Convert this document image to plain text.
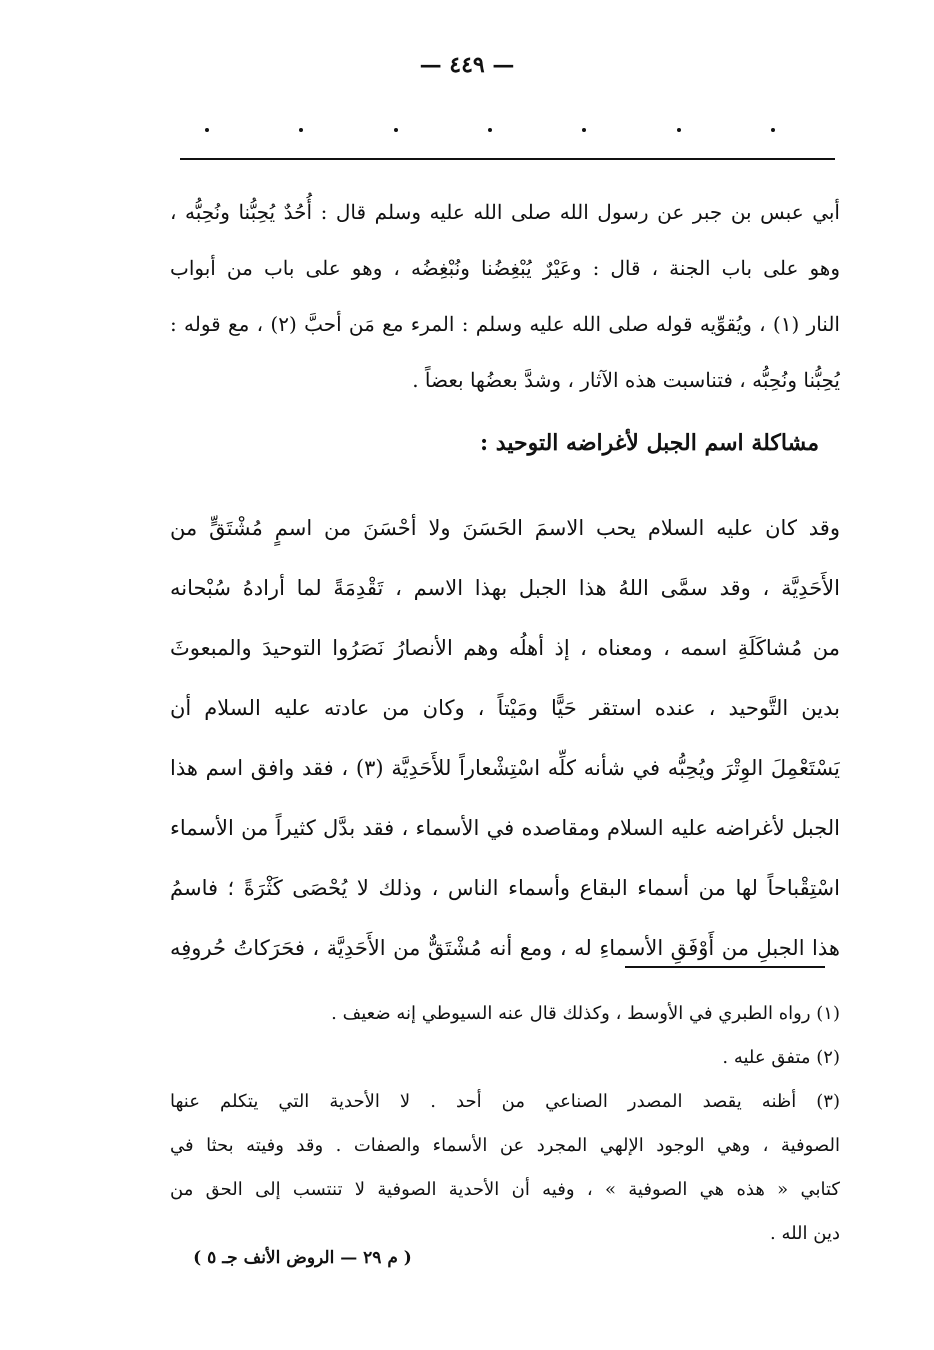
— ٤٤٩ —
أبي عبس بن جبر عن رسول الله صلى الله عليه وسلم قال : أُحُدٌ يُحِبُّنا ونُحِبُّه ،
وهو على باب الجنة ، قال : وعَيْرٌ يُبْغِضُنا ونُبْغِضُه ، وهو على باب من أبواب
النار (١) ، ويُقوِّيه قوله صلى الله عليه وسلم : المرء مع مَن أحبَّ (٢) ، مع قوله :
يُحِبُّنا ونُحِبُّه ، فتناسبت هذه الآثار ، وشدَّ بعضُها بعضاً .
مشاكلة اسم الجبل لأغراضه التوحيد :
وقد كان عليه السلام يحب الاسمَ الحَسَنَ ولا أحْسَنَ من اسمٍ مُشْتَقٍّ من
الأَحَدِيَّة ، وقد سمَّى اللهُ هذا الجبل بهذا الاسم ، تَقْدِمَةً لما أرادهُ سُبْحانه
من مُشاكَلَةِ اسمه ، ومعناه ، إذ أهلُه وهم الأنصارُ نَصَرُوا التوحيدَ والمبعوثَ
بدين التَّوحيد ، عنده استقر حَيًّا ومَيْتاً ، وكان من عادته عليه السلام أن
يَسْتَعْمِلَ الوِتْرَ ويُحِبُّه في شأنه كلِّه اسْتِشْعاراً للأَحَدِيَّة (٣) ، فقد وافق اسم هذا
الجبل لأغراضه عليه السلام ومقاصده في الأسماء ، فقد بدَّل كثيراً من الأسماء
اسْتِقْباحاً لها من أسماء البقاع وأسماء الناس ، وذلك لا يُحْصَى كَثْرَةً ؛ فاسمُ
هذا الجبلِ من أَوْفَقِ الأسماءِ له ، ومع أنه مُشْتَقٌّ من الأَحَدِيَّة ، فحَرَكاتُ حُروفِه
(١) رواه الطبري في الأوسط ، وكذلك قال عنه السيوطي إنه ضعيف .
(٢) متفق عليه .
(٣) أظنه يقصد المصدر الصناعي من أحد . لا الأحدية التي يتكلم عنها
الصوفية ، وهي الوجود الإلهي المجرد عن الأسماء والصفات . وقد وفيته بحثا في
كتابي « هذه هي الصوفية » ، وفيه أن الأحدية الصوفية لا تنتسب إلى الحق من
دين الله .
( م ٢٩ — الروض الأنف جـ ٥ )
